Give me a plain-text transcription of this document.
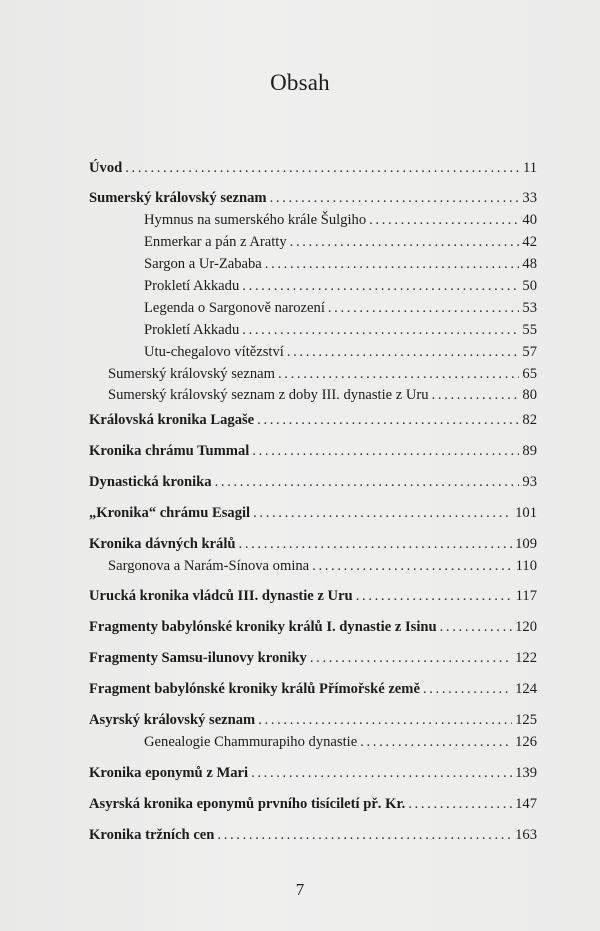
Obsah
Úvod . . .	11
Sumerský královský seznam . . .	33
Hymnus na sumerského krále Šulgiho . . .	40
Enmerkar a pán z Aratty . . .	42
Sargon a Ur-Zababa . . .	48
Prokletí Akkadu . . .	50
Legenda o Sargonově narození . . .	53
Prokletí Akkadu . . .	55
Utu-chegalovo vítězství . . .	57
Sumerský královský seznam . . .	65
Sumerský královský seznam z doby III. dynastie z Uru . . .	80
Královská kronika Lagaše . . .	82
Kronika chrámu Tummal . . .	89
Dynastická kronika . . .	93
„Kronika“ chrámu Esagil . . .	101
Kronika dávných králů . . .	109
Sargonova a Narám-Sínova omina . . .	110
Urucká kronika vládců III. dynastie z Uru . . .	117
Fragmenty babylónské kroniky králů I. dynastie z Isinu . . .	120
Fragmenty Samsu-ilunovy kroniky . . .	122
Fragment babylónské kroniky králů Přímořské země . . .	124
Asyrský královský seznam . . .	125
Genealogie Chammurapiho dynastie . . .	126
Kronika eponymů z Mari . . .	139
Asyrská kronika eponymů prvního tisíciletí př. Kr. . . .	147
Kronika tržních cen . . .	163
7
